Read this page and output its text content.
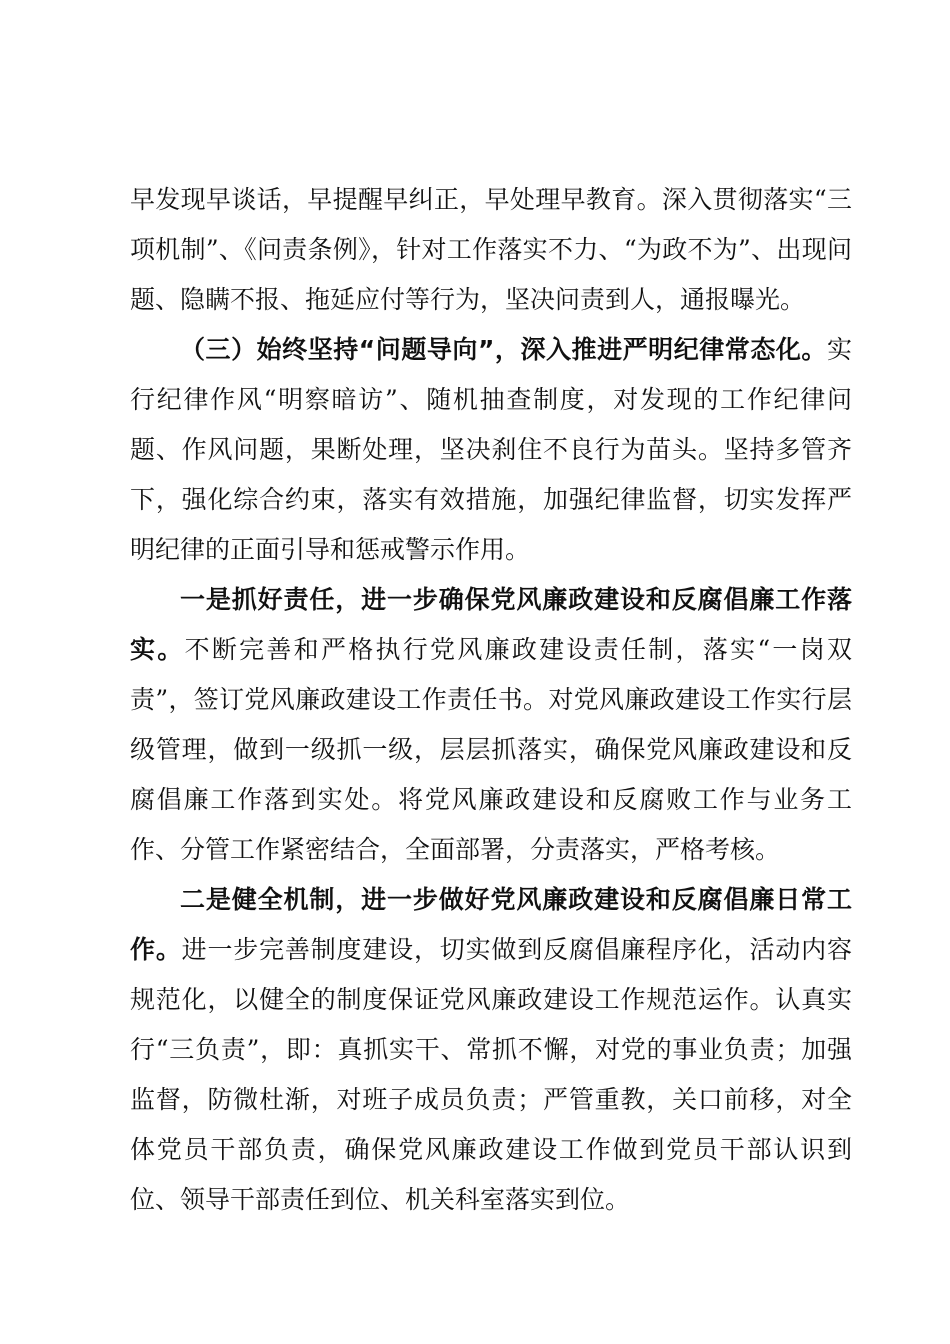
早发现早谈话，早提醒早纠正，早处理早教育。深入贯彻落实“三项机制”、《问责条例》，针对工作落实不力、“为政不为”、出现问题、隐瞒不报、拖延应付等行为，坚决问责到人，通报曝光。

（三）始终坚持“问题导向”，深入推进严明纪律常态化。实行纪律作风“明察暗访”、随机抽查制度，对发现的工作纪律问题、作风问题，果断处理，坚决刹住不良行为苗头。坚持多管齐下，强化综合约束，落实有效措施，加强纪律监督，切实发挥严明纪律的正面引导和惩戒警示作用。

一是抓好责任，进一步确保党风廉政建设和反腐倡廉工作落实。不断完善和严格执行党风廉政建设责任制，落实“一岗双责”，签订党风廉政建设工作责任书。对党风廉政建设工作实行层级管理，做到一级抓一级，层层抓落实，确保党风廉政建设和反腐倡廉工作落到实处。将党风廉政建设和反腐败工作与业务工作、分管工作紧密结合，全面部署，分责落实，严格考核。

二是健全机制，进一步做好党风廉政建设和反腐倡廉日常工作。进一步完善制度建设，切实做到反腐倡廉程序化，活动内容规范化，以健全的制度保证党风廉政建设工作规范运作。认真实行“三负责”，即：真抓实干、常抓不懈，对党的事业负责；加强监督，防微杜渐，对班子成员负责；严管重教，关口前移，对全体党员干部负责，确保党风廉政建设工作做到党员干部认识到位、领导干部责任到位、机关科室落实到位。
